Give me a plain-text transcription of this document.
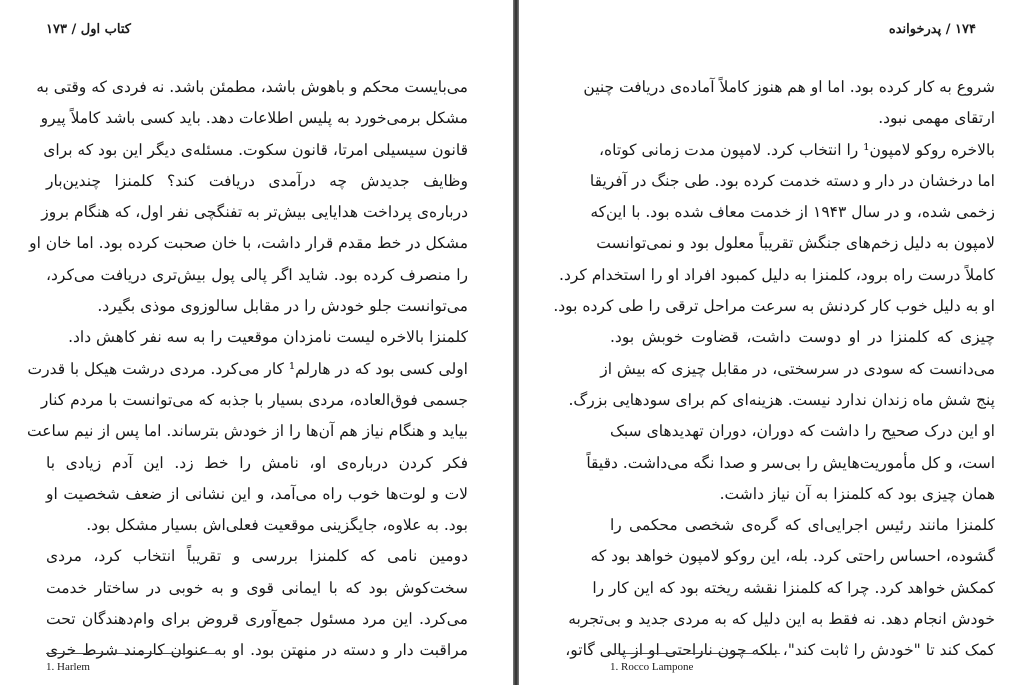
کتاب اول / ۱۷۳
می‌بایست محکم و باهوش باشد، مطمئن باشد. نه فردی که وقتی به
مشکل برمی‌خورد به پلیس اطلاعات دهد. باید کسی باشد کاملاً پیرو
قانون سیسیلی امرتا، قانون سکوت. مسئله‌ی دیگر این بود که برای
وظایف جدیدش چه درآمدی دریافت کند؟ کلمنزا چندین‌بار
درباره‌ی پرداخت هدایایی بیش‌تر به تفنگچی نفر اول، که هنگام بروز
مشکل در خط مقدم قرار داشت، با خان صحبت کرده بود. اما خان او
را منصرف کرده بود. شاید اگر پالی پول بیش‌تری دریافت می‌کرد،
می‌توانست جلو خودش را در مقابل سالوزوی موذی بگیرد.
کلمنزا بالاخره لیست نامزدان موقعیت را به سه نفر کاهش داد.
اولی کسی بود که در هارلم¹ کار می‌کرد. مردی درشت هیکل با قدرت
جسمی فوق‌العاده، مردی بسیار با جذبه که می‌توانست با مردم کنار
بیاید و هنگام نیاز هم آن‌ها را از خودش بترساند. اما پس از نیم ساعت
فکر کردن درباره‌ی او، نامش را خط زد. این آدم زیادی با
لات و لوت‌ها خوب راه می‌آمد، و این نشانی از ضعف شخصیت او
بود. به علاوه، جایگزینی موقعیت فعلی‌اش بسیار مشکل بود.
دومین نامی که کلمنزا بررسی و تقریباً انتخاب کرد، مردی
سخت‌کوش بود که با ایمانی قوی و به خوبی در ساختار خدمت
می‌کرد. این مرد مسئول جمع‌آوری قروض برای وام‌دهندگان تحت
مراقبت دار و دسته در منهتن بود. او به عنوان کارمند شرط خری
1. Harlem
۱۷۴ / پدرخوانده
شروع به کار کرده بود. اما او هم هنوز کاملاً آماده‌ی دریافت چنین
ارتقای مهمی نبود.
بالاخره روکو لامپون¹ را انتخاب کرد. لامپون مدت زمانی کوتاه،
اما درخشان در دار و دسته خدمت کرده بود. طی جنگ در آفریقا
زخمی شده، و در سال ۱۹۴۳ از خدمت معاف شده بود. با این‌که
لامپون به دلیل زخم‌های جنگش تقریباً معلول بود و نمی‌توانست
کاملاً درست راه برود، کلمنزا به دلیل کمبود افراد او را استخدام کرد.
او به دلیل خوب کار کردنش به سرعت مراحل ترقی را طی کرده بود.
چیزی که کلمنزا در او دوست داشت، قضاوت خوبش بود.
می‌دانست که سودی در سرسختی، در مقابل چیزی که بیش از
پنج شش ماه زندان ندارد نیست. هزینه‌ای کم برای سودهایی بزرگ.
او این درک صحیح را داشت که دوران، دوران تهدیدهای سبک
است، و کل مأموریت‌هایش را بی‌سر و صدا نگه می‌داشت. دقیقاً
همان چیزی بود که کلمنزا به آن نیاز داشت.
کلمنزا مانند رئیس اجرایی‌ای که گره‌ی شخصی محکمی را
گشوده، احساس راحتی کرد. بله، این روکو لامپون خواهد بود که
کمکش خواهد کرد. چرا که کلمنزا نقشه ریخته بود که این کار را
خودش انجام دهد. نه فقط به این دلیل که به مردی جدید و بی‌تجربه
کمک کند تا "خودش را ثابت کند"، بلکه چون ناراحتی او از پالی گاتو،
1. Rocco Lampone
